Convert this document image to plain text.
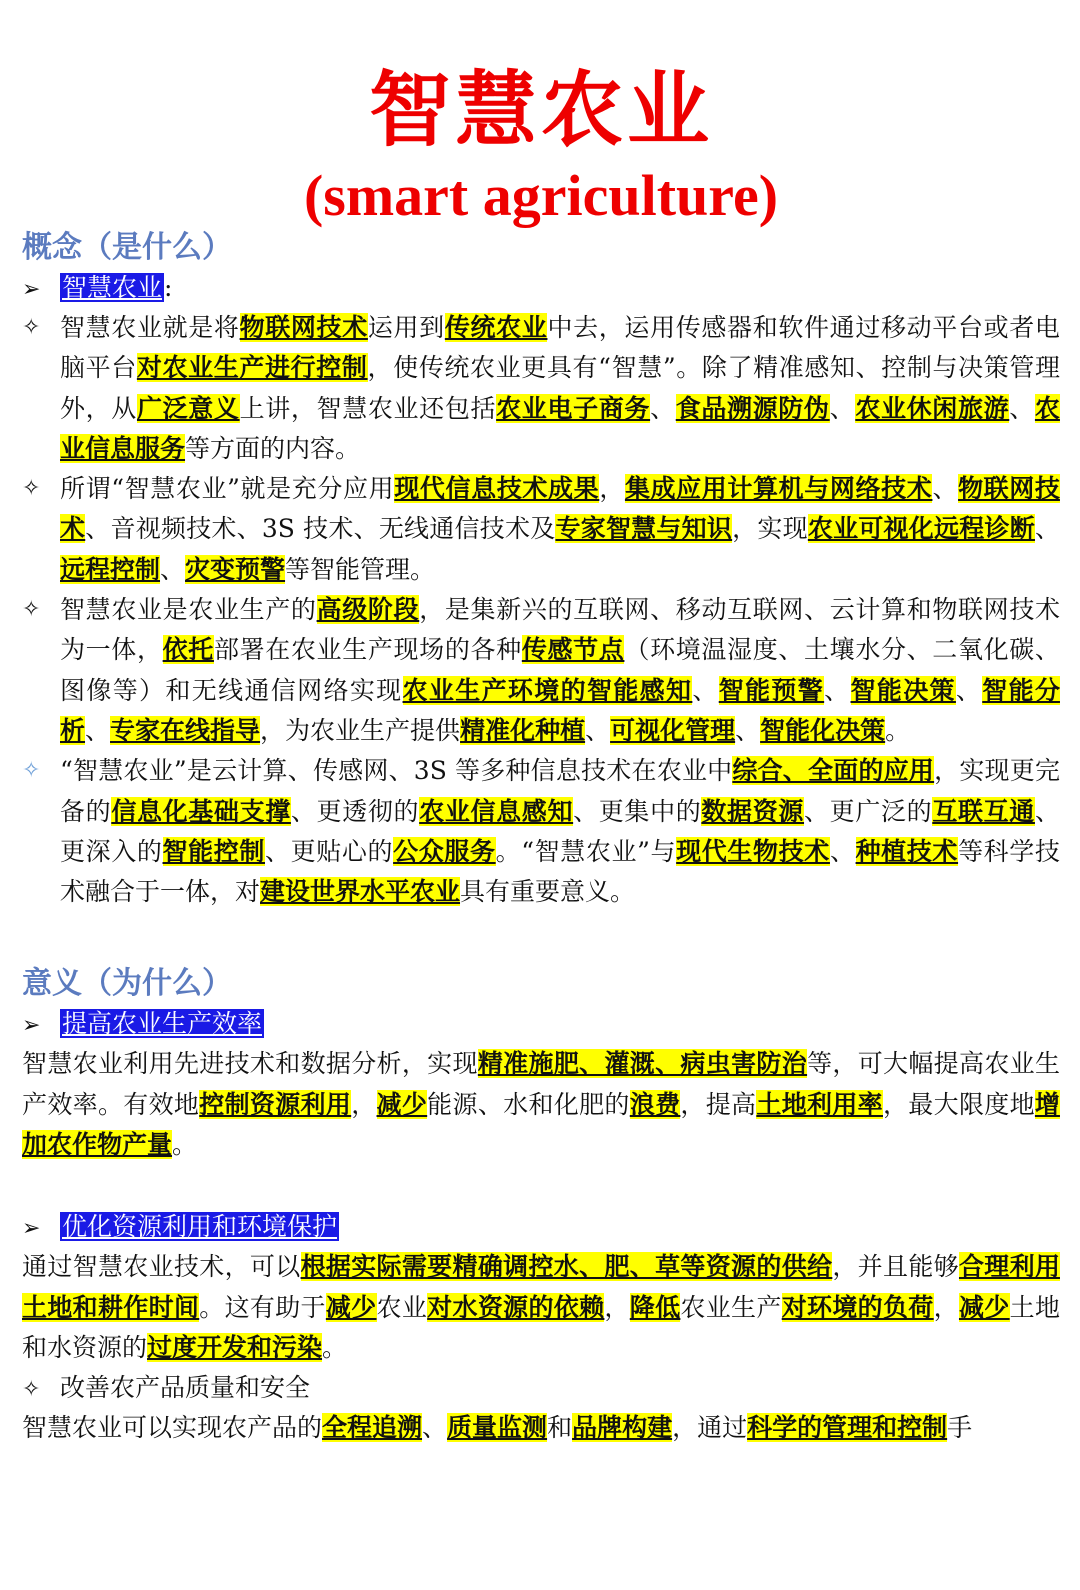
智慧农业
(smart agriculture)
概念（是什么）
➢ 智慧农业:
✧ 智慧农业就是将物联网技术运用到传统农业中去，运用传感器和软件通过移动平台或者电脑平台对农业生产进行控制，使传统农业更具有“智慧”。除了精准感知、控制与决策管理外，从广泛意义上讲，智慧农业还包括农业电子商务、食品溯源防伪、农业休闲旅游、农业信息服务等方面的内容。
✧ 所谓“智慧农业”就是充分应用现代信息技术成果，集成应用计算机与网络技术、物联网技术、音视频技术、3S 技术、无线通信技术及专家智慧与知识，实现农业可视化远程诊断、远程控制、灾变预警等智能管理。
✧ 智慧农业是农业生产的高级阶段，是集新兴的互联网、移动互联网、云计算和物联网技术为一体，依托部署在农业生产现场的各种传感节点（环境温湿度、土壤水分、二氧化碳、图像等）和无线通信网络实现农业生产环境的智能感知、智能预警、智能决策、智能分析、专家在线指导，为农业生产提供精准化种植、可视化管理、智能化决策。
✧ “智慧农业”是云计算、传感网、3S 等多种信息技术在农业中综合、全面的应用，实现更完备的信息化基础支撑、更透彻的农业信息感知、更集中的数据资源、更广泛的互联互通、更深入的智能控制、更贴心的公众服务。“智慧农业”与现代生物技术、种植技术等科学技术融合于一体，对建设世界水平农业具有重要意义。
意义（为什么）
➢ 提高农业生产效率
智慧农业利用先进技术和数据分析，实现精准施肥、灌溉、病虫害防治等，可大幅提高农业生产效率。有效地控制资源利用，减少能源、水和化肥的浪费，提高土地利用率，最大限度地增加农作物产量。
➢ 优化资源利用和环境保护
通过智慧农业技术，可以根据实际需要精确调控水、肥、草等资源的供给，并且能够合理利用土地和耕作时间。这有助于减少农业对水资源的依赖，降低农业生产对环境的负荷，减少土地和水资源的过度开发和污染。
✧ 改善农产品质量和安全
智慧农业可以实现农产品的全程追溯、质量监测和品牌构建，通过科学的管理和控制手
